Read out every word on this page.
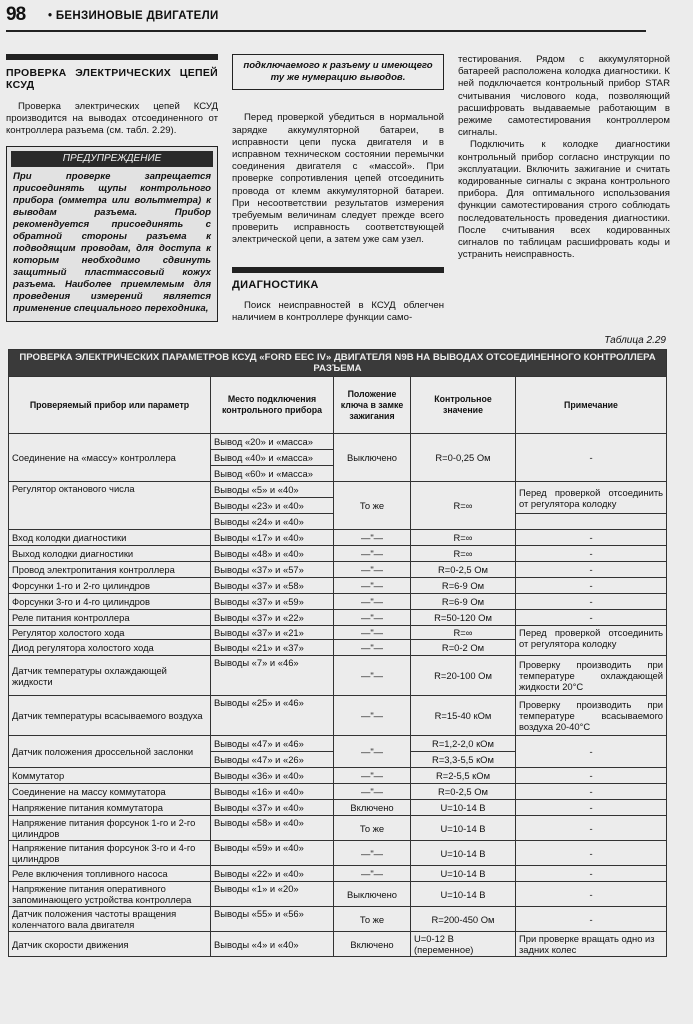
98 • БЕНЗИНОВЫЕ ДВИГАТЕЛИ
ПРОВЕРКА ЭЛЕКТРИЧЕСКИХ ЦЕПЕЙ КСУД
Проверка электрических цепей КСУД производится на выводах отсоединенного от контроллера разъема (см. табл. 2.29).
ПРЕДУПРЕЖДЕНИЕ
При проверке запрещается присоединять щупы контрольного прибора (омметра или вольтметра) к выводам разъема. Прибор рекомендуется присоединять с обратной стороны разъема к подводящим проводам, для доступа к которым необходимо сдвинуть защитный пластмассовый кожух разъема. Наиболее приемлемым для проведения измерений является применение специального переходника,
подключаемого к разъему и имеющего ту же нумерацию выводов.
Перед проверкой убедиться в нормальной зарядке аккумуляторной батареи, в исправности цепи пуска двигателя и в исправном техническом состоянии перемычки соединения двигателя с «массой». При проверке сопротивления цепей отсоединить провода от клемм аккумуляторной батареи. При несоответствии результатов измерения требуемым величинам следует прежде всего проверить исправность соответствующей электрической цепи, а затем уже сам узел.
ДИАГНОСТИКА
Поиск неисправностей в КСУД облегчен наличием в контроллере функции само-
тестирования. Рядом с аккумуляторной батареей расположена колодка диагностики. К ней подключается контрольный прибор STAR считывания числового кода, позволяющий расшифровать выдаваемые работающим в режиме самотестирования контроллером сигналы.
Подключить к колодке диагностики контрольный прибор согласно инструкции по эксплуатации. Включить зажигание и считать кодированные сигналы с экрана контрольного прибора. Для оптимального использования функции самотестирования строго соблюдать последовательность проведения диагностики. После считывания всех кодированных сигналов по таблицам расшифровать коды и устранить неисправность.
Таблица 2.29
ПРОВЕРКА ЭЛЕКТРИЧЕСКИХ ПАРАМЕТРОВ КСУД «FORD EEC IV» ДВИГАТЕЛЯ N9B НА ВЫВОДАХ ОТСОЕДИНЕННОГО КОНТРОЛЛЕРА РАЗЪЕМА				
Проверяемый прибор или параметр	Место подключения контрольного прибора	Положение ключа в замке зажигания	Контрольное значение	Примечание
Соединение на «массу» контроллера	Вывод «20» и «масса»	Выключено	R=0-0,25 Ом	-
	Вывод «40» и «масса»			
	Вывод «60» и «масса»			
Регулятор октанового числа	Выводы «5» и «40»	То же	R=∞	Перед проверкой отсоединить от регулятора колодку
	Выводы «23» и «40»			
	Выводы «24» и «40»			
Вход колодки диагностики	Выводы «17» и «40»	—"—	R=∞	-
Выход колодки диагностики	Выводы «48» и «40»	—"—	R=∞	-
Провод электропитания контроллера	Выводы «37» и «57»	—"—	R=0-2,5 Ом	-
Форсунки 1-го и 2-го цилиндров	Выводы «37» и «58»	—"—	R=6-9 Ом	-
Форсунки 3-го и 4-го цилиндров	Выводы «37» и «59»	—"—	R=6-9 Ом	-
Реле питания контроллера	Выводы «37» и «22»	—"—	R=50-120 Ом	-
Регулятор холостого хода	Выводы «37» и «21»	—"—	R=∞	Перед проверкой отсоединить от регулятора колодку
Диод регулятора холостого хода	Выводы «21» и «37»	—"—	R=0-2 Ом	
Датчик температуры охлаждающей жидкости	Выводы «7» и «46»	—"—	R=20-100 Ом	Проверку производить при температуре охлаждающей жидкости 20°С
Датчик температуры всасываемого воздуха	Выводы «25» и «46»	—"—	R=15-40 кОм	Проверку производить при температуре всасываемого воздуха 20-40°С
Датчик положения дроссельной заслонки	Выводы «47» и «46»	—"—	R=1,2-2,0 кОм	-
	Выводы «47» и «26»		R=3,3-5,5 кОм	
Коммутатор	Выводы «36» и «40»	—"—	R=2-5,5 кОм	-
Соединение на массу коммутатора	Выводы «16» и «40»	—"—	R=0-2,5 Ом	-
Напряжение питания коммутатора	Выводы «37» и «40»	Включено	U=10-14 В	-
Напряжение питания форсунок 1-го и 2-го цилиндров	Выводы «58» и «40»	То же	U=10-14 В	-
Напряжение питания форсунок 3-го и 4-го цилиндров	Выводы «59» и «40»	—"—	U=10-14 В	-
Реле включения топливного насоса	Выводы «22» и «40»	—"—	U=10-14 В	-
Напряжение питания оперативного запоминающего устройства контроллера	Выводы «1» и «20»	Выключено	U=10-14 В	-
Датчик положения частоты вращения коленчатого вала двигателя	Выводы «55» и «56»	То же	R=200-450 Ом	-
Датчик скорости движения	Выводы «4» и «40»	Включено	U=0-12 В (переменное)	При проверке вращать одно из задних колес
